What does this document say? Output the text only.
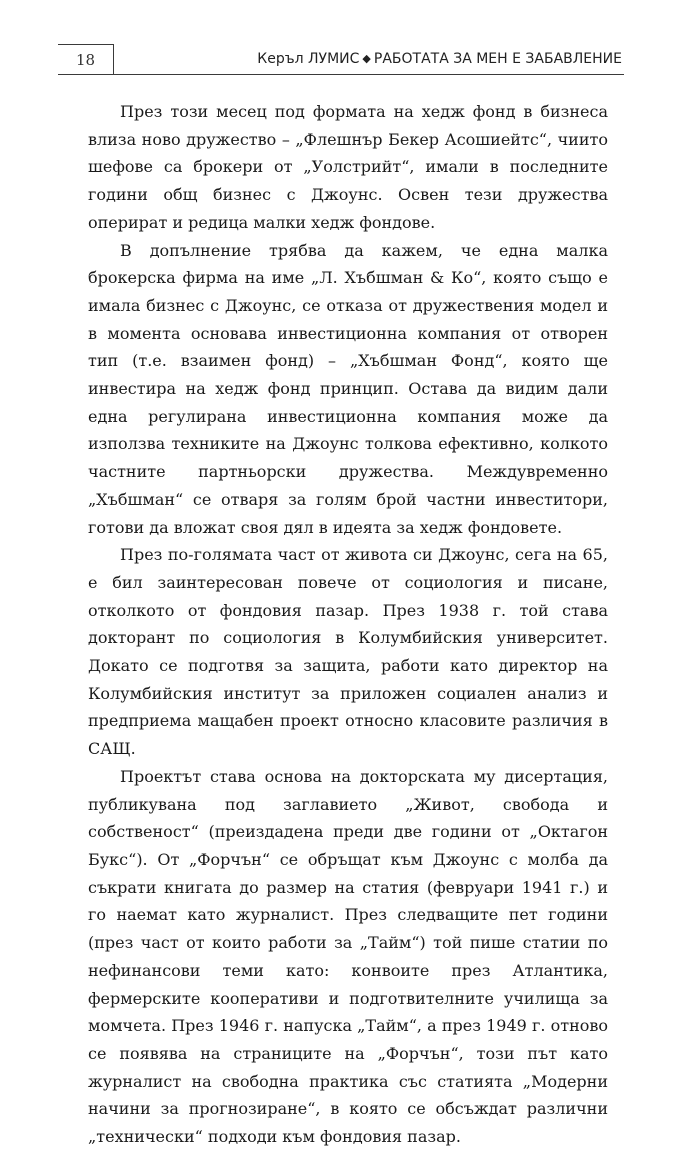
18	Керъл ЛУМИС ◆ РАБОТАТА ЗА МЕН Е ЗАБАВЛЕНИЕ

През този месец под формата на хедж фонд в бизнеса влиза ново дружество – „Флешнър Бекер Асошиейтс“, чиито шефове са брокери от „Уолстрийт“, имали в последните години общ бизнес с Джоунс. Освен тези дружества оперират и редица малки хедж фондове.

В допълнение трябва да кажем, че една малка брокерска фирма на име „Л. Хъбшман & Ко“, която също е имала бизнес с Джоунс, се отказа от дружествения модел и в момента основава инвестиционна компания от отворен тип (т.е. взаимен фонд) – „Хъбшман Фонд“, която ще инвестира на хедж фонд принцип. Остава да видим дали една регулирана инвестиционна компания може да използва техниките на Джоунс толкова ефективно, колкото частните партньорски дружества. Междувременно „Хъбшман“ се отваря за голям брой частни инвеститори, готови да вложат своя дял в идеята за хедж фондовете.

През по-голямата част от живота си Джоунс, сега на 65, е бил заинтересован повече от социология и писане, отколкото от фондовия пазар. През 1938 г. той става докторант по социология в Колумбийския университет. Докато се подготвя за защита, работи като директор на Колумбийския институт за приложен социален анализ и предприема мащабен проект относно класовите различия в САЩ.

Проектът става основа на докторската му дисертация, публикувана под заглавието „Живот, свобода и собственост“ (преиздадена преди две години от „Октагон Букс“). От „Форчън“ се обръщат към Джоунс с молба да съкрати книгата до размер на статия (февруари 1941 г.) и го наемат като журналист. През следващите пет години (през част от които работи за „Тайм“) той пише статии по нефинансови теми като: конвоите през Атлантика, фермерските кооперативи и подготвителните училища за момчета. През 1946 г. напуска „Тайм“, а през 1949 г. отново се появява на страниците на „Форчън“, този път като журналист на свободна практика със статията „Модерни начини за прогнозиране“, в която се обсъждат различни „технически“ подходи към фондовия пазар.
